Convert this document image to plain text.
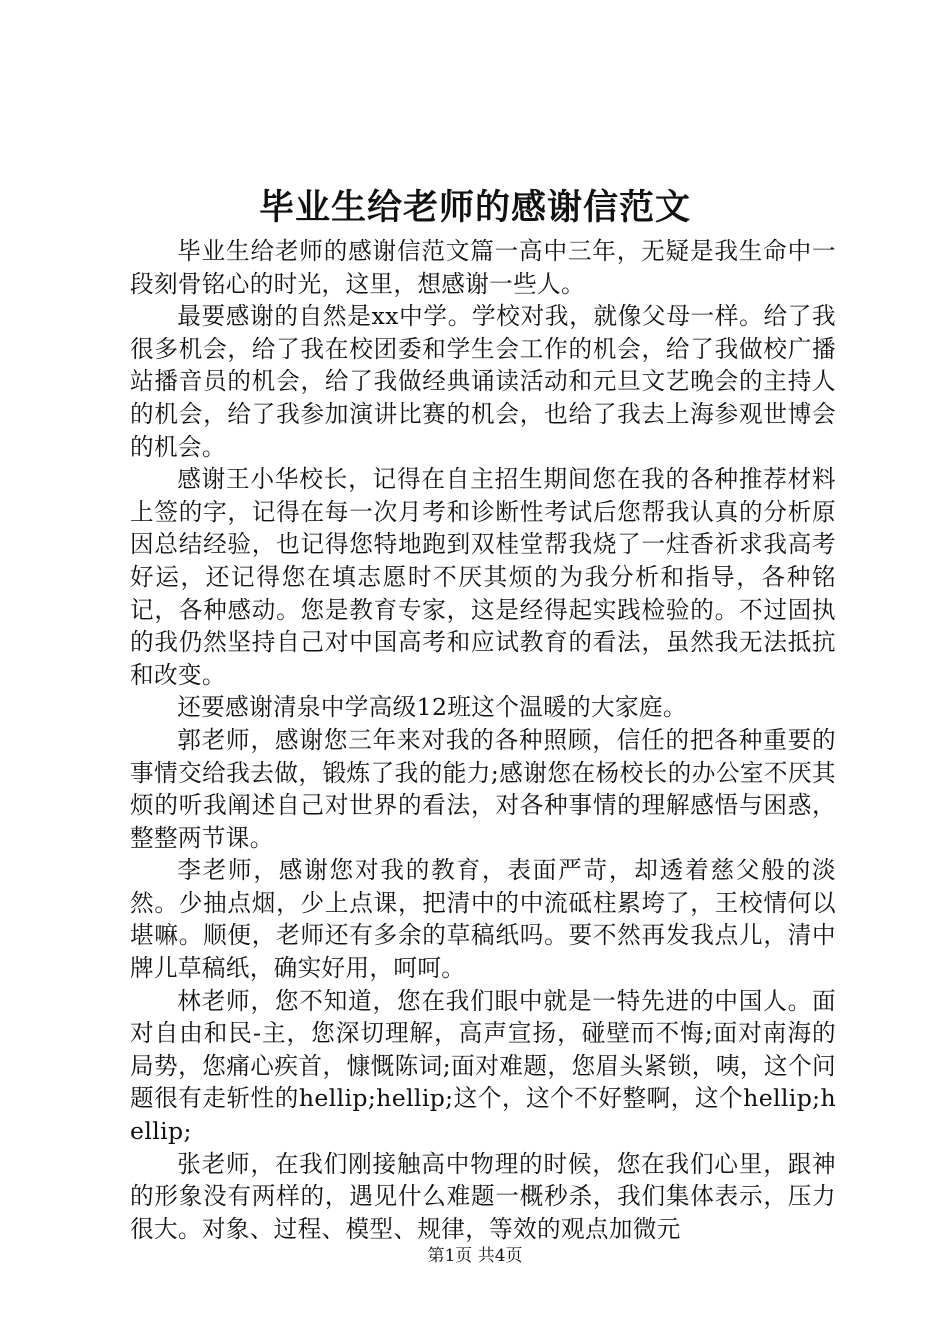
毕业生给老师的感谢信范文

毕业生给老师的感谢信范文篇一高中三年，无疑是我生命中一段刻骨铭心的时光，这里，想感谢一些人。

最要感谢的自然是xx中学。学校对我，就像父母一样。给了我很多机会，给了我在校团委和学生会工作的机会，给了我做校广播站播音员的机会，给了我做经典诵读活动和元旦文艺晚会的主持人的机会，给了我参加演讲比赛的机会，也给了我去上海参观世博会的机会。

感谢王小华校长，记得在自主招生期间您在我的各种推荐材料上签的字，记得在每一次月考和诊断性考试后您帮我认真的分析原因总结经验，也记得您特地跑到双桂堂帮我烧了一炷香祈求我高考好运，还记得您在填志愿时不厌其烦的为我分析和指导，各种铭记，各种感动。您是教育专家，这是经得起实践检验的。不过固执的我仍然坚持自己对中国高考和应试教育的看法，虽然我无法抵抗和改变。

还要感谢清泉中学高级12班这个温暖的大家庭。

郭老师，感谢您三年来对我的各种照顾，信任的把各种重要的事情交给我去做，锻炼了我的能力;感谢您在杨校长的办公室不厌其烦的听我阐述自己对世界的看法，对各种事情的理解感悟与困惑，整整两节课。

李老师，感谢您对我的教育，表面严苛，却透着慈父般的淡然。少抽点烟，少上点课，把清中的中流砥柱累垮了，王校情何以堪嘛。顺便，老师还有多余的草稿纸吗。要不然再发我点儿，清中牌儿草稿纸，确实好用，呵呵。

林老师，您不知道，您在我们眼中就是一特先进的中国人。面对自由和民-主，您深切理解，高声宣扬，碰壁而不悔;面对南海的局势，您痛心疾首，慷慨陈词;面对难题，您眉头紧锁，咦，这个问题很有走斩性的hellip;hellip;这个，这个不好整啊，这个hellip;hellip;

张老师，在我们刚接触高中物理的时候，您在我们心里，跟神的形象没有两样的，遇见什么难题一概秒杀，我们集体表示，压力很大。对象、过程、模型、规律，等效的观点加微元

第1页 共4页
